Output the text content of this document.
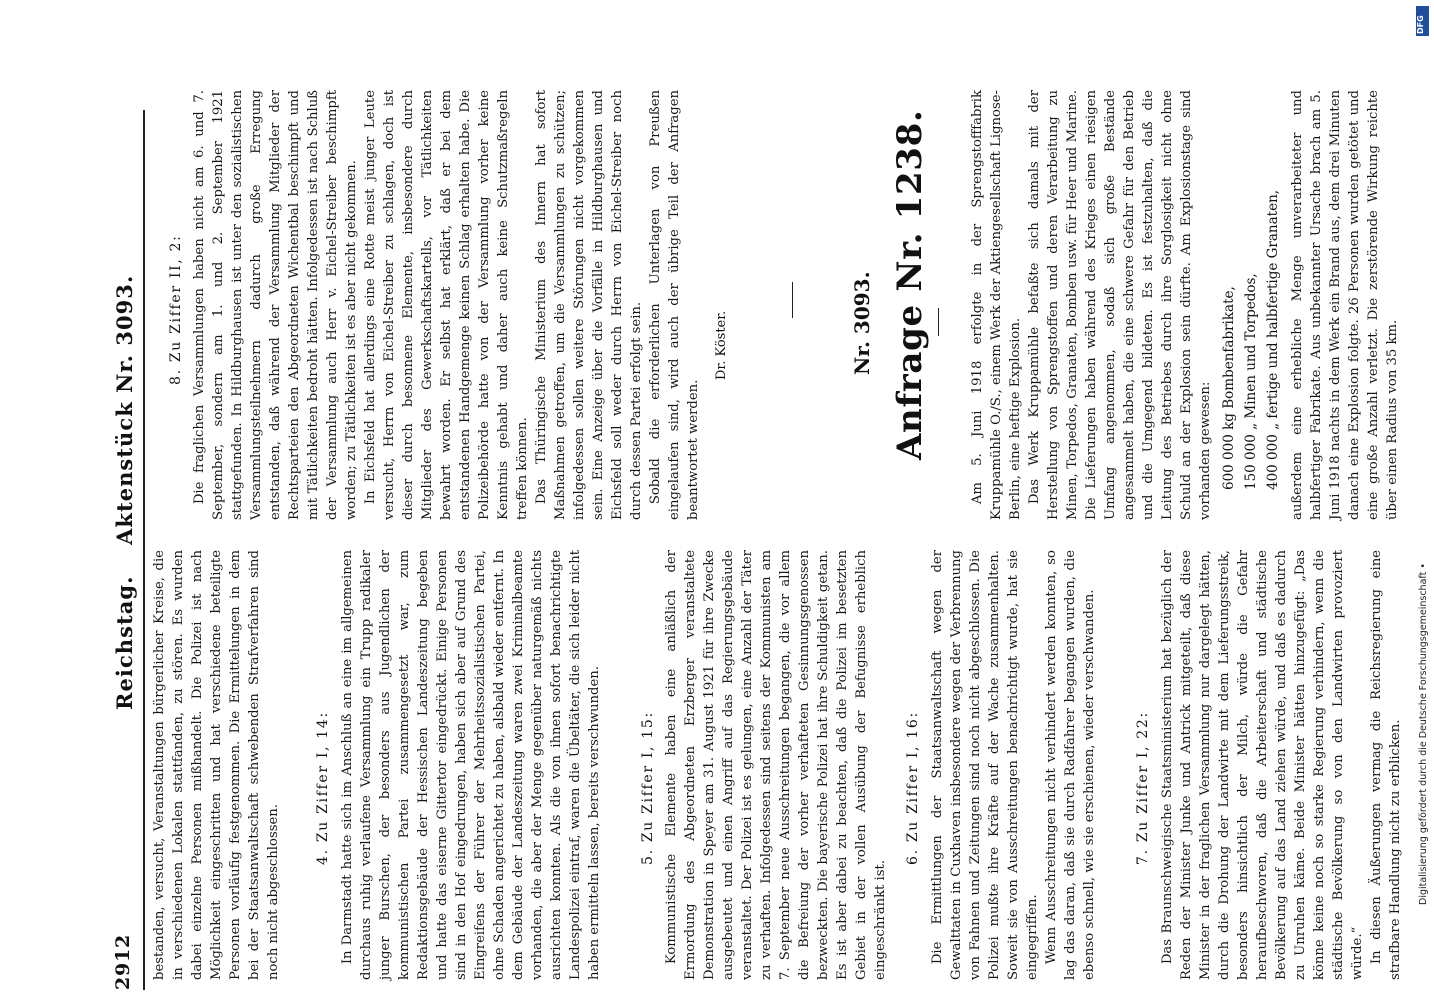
2912
Reichstag.
Aktenstück Nr. 3093.

bestanden, versucht, Veranstaltungen bürgerlicher Kreise, die in verschiedenen Lokalen stattfanden, zu stören. Es wurden dabei einzelne Personen mißhandelt. Die Polizei ist nach Möglichkeit eingeschritten und hat verschiedene beteiligte Personen vorläufig festgenommen. Die Ermittelungen in dem bei der Staatsanwaltschaft schwebenden Strafverfahren sind noch nicht abgeschlossen.

4. Zu Ziffer I, 14: In Darmstadt hatte sich im Anschluß an eine im allgemeinen durchaus ruhig verlaufene Versammlung ein Trupp radikaler junger Burschen, der besonders aus Jugendlichen der kommunistischen Partei zusammengesetzt war, zum Redaktionsgebäude der Hessischen Landeszeitung begeben und hatte das eiserne Gittertor eingedrückt. Einige Personen sind in den Hof eingedrungen, haben sich aber auf Grund des Eingreifens der Führer der Mehrheitssozialistischen Partei, ohne Schaden angerichtet zu haben, alsbald wieder entfernt. In dem Gebäude der Landeszeitung waren zwei Kriminalbeamte vorhanden, die aber der Menge gegenüber naturgemäß nichts ausrichten konnten. Als die von ihnen sofort benachrichtigte Landespolizei eintraf, waren die Übeltäter, die sich leider nicht haben ermitteln lassen, bereits verschwunden.	5. Zu Ziffer I, 15: Kommunistische Elemente haben eine anläßlich der Ermordung des Abgeordneten Erzberger veranstaltete Demonstration in Speyer am 31. August 1921 für ihre Zwecke ausgebeutet und einen Angriff auf das Regierungsgebäude veranstaltet. Der Polizei ist es gelungen, eine Anzahl der Täter zu verhaften. Infolgedessen sind seitens der Kommunisten am 7. September neue Ausschreitungen begangen, die vor allem die Befreiung der vorher verhafteten Gesinnungsgenossen bezweckten. Die bayerische Polizei hat ihre Schuldigkeit getan. Es ist aber dabei zu beachten, daß die Polizei im besetzten Gebiet in der vollen Ausübung der Befugnisse erheblich eingeschränkt ist.

6. Zu Ziffer I, 16: Die Ermittlungen der Staatsanwaltschaft wegen der Gewalttaten in Cuxhaven insbesondere wegen der Verbrennung von Fahnen und Zeitungen sind noch nicht abgeschlossen. Die Polizei mußte ihre Kräfte auf der Wache zusammenhalten. Soweit sie von Ausschreitungen benachrichtigt wurde, hat sie eingegriffen. Wenn Ausschreitungen nicht verhindert werden konnten, so lag das daran, daß sie durch Radfahrer begangen wurden, die ebenso schnell, wie sie erschienen, wieder verschwanden.	7. Zu Ziffer I, 22: Das Braunschweigische Staatsministerium hat bezüglich der Reden der Minister Junke und Antrick mitgeteilt, daß diese Minister in der fraglichen Versammlung nur dargelegt hätten, durch die Drohung der Landwirte mit dem Lieferungsstreik, besonders hinsichtlich der Milch, würde die Gefahr heraufbeschworen, daß die Arbeiterschaft und städtische Bevölkerung auf das Land ziehen würde, und daß es dadurch zu Unruhen käme. Beide Minister hätten hinzugefügt: „Das könne keine noch so starke Regierung verhindern, wenn die städtische Bevölkerung so von den Landwirten provoziert würde.“ In diesen Äußerungen vermag die Reichsregierung eine strafbare Handlung nicht zu erblicken.

8. Zu Ziffer II, 2: Die fraglichen Versammlungen haben nicht am 6. und 7. September, sondern am 1. und 2. September 1921 stattgefunden. In Hildburghausen ist unter den sozialistischen Versammlungsteilnehmern dadurch große Erregung entstanden, daß während der Versammlung Mitglieder der Rechtsparteien den Abgeordneten Wichentbal beschimpft und mit Tätlichkeiten bedroht hätten. Infolgedessen ist nach Schluß der Versammlung auch Herr v. Eichel-Streiber beschimpft worden; zu Tätlichkeiten ist es aber nicht gekommen. In Eichsfeld hat allerdings eine Rotte meist junger Leute versucht, Herrn von Eichel-Streiber zu schlagen, doch ist dieser durch besonnene Elemente, insbesondere durch Mitglieder des Gewerkschaftskartells, vor Tätlichkeiten bewahrt worden. Er selbst hat erklärt, daß er bei dem entstandenen Handgemenge keinen Schlag erhalten habe. Die Polizeibehörde hatte von der Versammlung vorher keine Kenntnis gehabt und daher auch keine Schutzmaßregeln treffen können. Das Thüringische Ministerium des Innern hat sofort Maßnahmen getroffen, um die Versammlungen zu schützen; infolgedessen sollen weitere Störungen nicht vorgekommen sein. Eine Anzeige über die Vorfälle in Hildburghausen und Eichsfeld soll weder durch Herrn von Eichel-Streiber noch durch dessen Partei erfolgt sein. Sobald die erforderlichen Unterlagen von Preußen eingelaufen sind, wird auch der übrige Teil der Anfragen beantwortet werden.

Dr. Köster.	Nr. 3093. Anfrage Nr. 1238.	Am 5. Juni 1918 erfolgte in der Sprengstofffabrik Kruppamühle O./S., einem Werk der Aktiengesellschaft Lignose-Berlin, eine heftige Explosion. Das Werk Kruppamühle befaßte sich damals mit der Herstellung von Sprengstoffen und deren Verarbeitung zu Minen, Torpedos, Granaten, Bomben usw. für Heer und Marine. Die Lieferungen haben während des Krieges einen riesigen Umfang angenommen, sodaß sich große Bestände angesammelt haben, die eine schwere Gefahr für den Betrieb und die Umgegend bildeten. Es ist festzuhalten, daß die Leitung des Betriebes durch ihre Sorglosigkeit nicht ohne Schuld an der Explosion sein dürfte. Am Explosionstage sind vorhanden gewesen: 600 000 kg Bombenfabrikate, 150 000 „ Minen und Torpedos, 400 000 „ fertige und halbfertige Granaten, außerdem eine erhebliche Menge unverarbeiteter und halbfertiger Fabrikate. Aus unbekannter Ursache brach am 5. Juni 1918 nachts in dem Werk ein Brand aus, dem drei Minuten danach eine Explosion folgte. 26 Personen wurden getötet und eine große Anzahl verletzt. Die zerstörende Wirkung reichte über einen Radius von 35 km.

Digitalisierung gefördert durch die Deutsche Forschungsgemeinschaft •
DFG
